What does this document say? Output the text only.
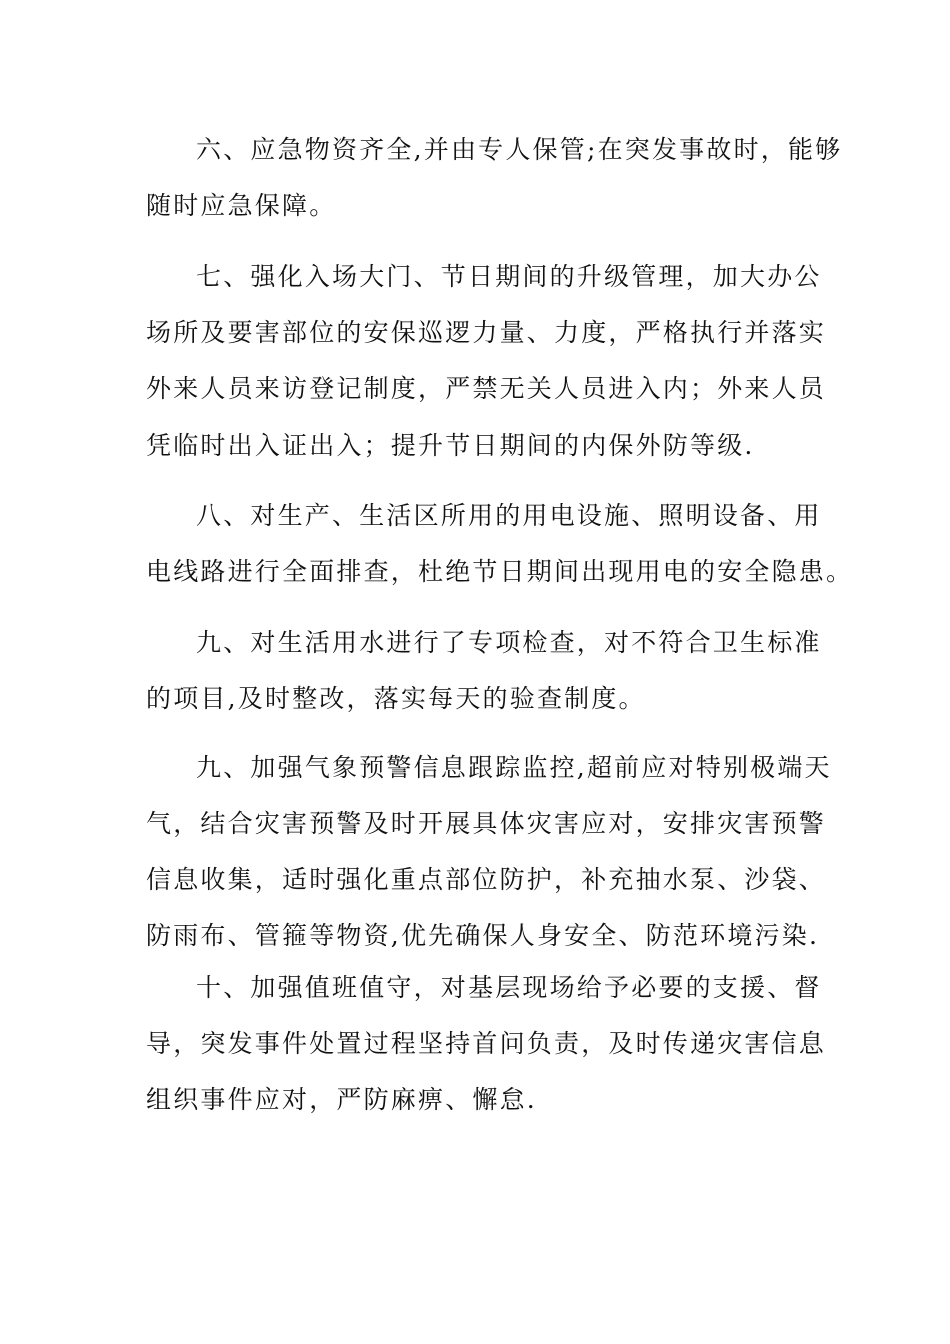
六、应急物资齐全,并由专人保管;在突发事故时，能够
随时应急保障。
七、强化入场大门、节日期间的升级管理，加大办公
场所及要害部位的安保巡逻力量、力度，严格执行并落实
外来人员来访登记制度，严禁无关人员进入内；外来人员
凭临时出入证出入；提升节日期间的内保外防等级.
八、对生产、生活区所用的用电设施、照明设备、用
电线路进行全面排查，杜绝节日期间出现用电的安全隐患。
九、对生活用水进行了专项检查，对不符合卫生标准
的项目,及时整改，落实每天的验查制度。
九、加强气象预警信息跟踪监控,超前应对特别极端天
气，结合灾害预警及时开展具体灾害应对，安排灾害预警
信息收集，适时强化重点部位防护，补充抽水泵、沙袋、
防雨布、管箍等物资,优先确保人身安全、防范环境污染.
十、加强值班值守，对基层现场给予必要的支援、督
导，突发事件处置过程坚持首问负责，及时传递灾害信息
组织事件应对，严防麻痹、懈怠.
